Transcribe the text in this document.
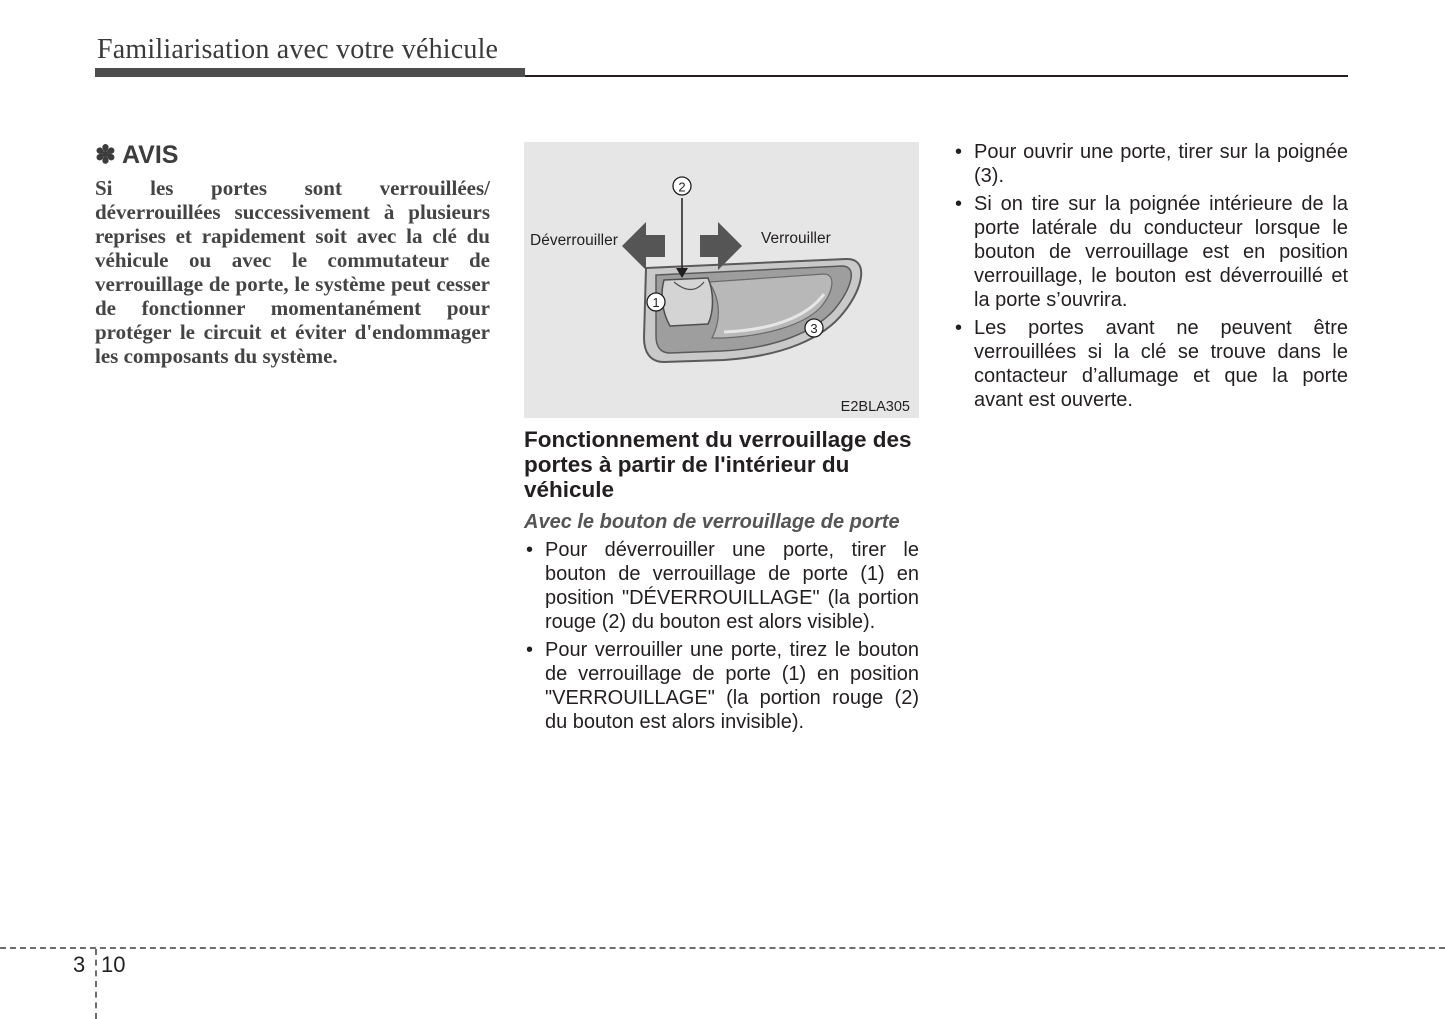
Familiarisation avec votre véhicule
✽ AVIS

Si les portes sont verrouillées/ déverrouillées successivement à plusieurs reprises et rapidement soit avec la clé du véhicule ou avec le commutateur de verrouillage de porte, le système peut cesser de fonctionner momentanément pour protéger le circuit et éviter d'endommager les composants du système.

2
1
3
Déverrouiller	Verrouiller
E2BLA305
Fonctionnement du verrouillage des portes à partir de l'intérieur du véhicule
Avec le bouton de verrouillage de porte
• Pour déverrouiller une porte, tirer le bouton de verrouillage de porte (1) en position "DÉVERROUILLAGE" (la portion rouge (2) du bouton est alors visible).
• Pour verrouiller une porte, tirez le bouton de verrouillage de porte (1) en position "VERROUILLAGE" (la portion rouge (2) du bouton est alors invisible).
• Pour ouvrir une porte, tirer sur la poignée (3).
• Si on tire sur la poignée intérieure de la porte latérale du conducteur lorsque le bouton de verrouillage est en position verrouillage, le bouton est déverrouillé et la porte s’ouvrira.
• Les portes avant ne peuvent être verrouillées si la clé se trouve dans le contacteur d’allumage et que la porte avant est ouverte.
3 10
